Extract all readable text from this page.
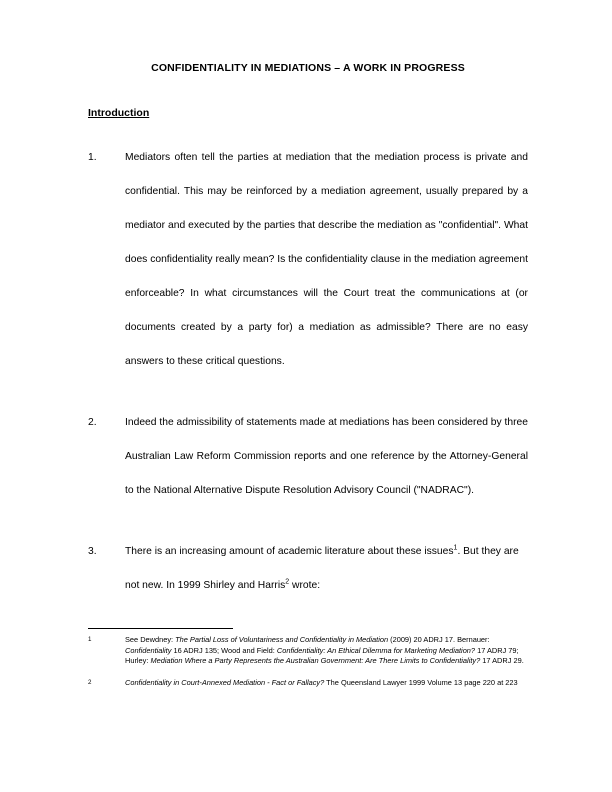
CONFIDENTIALITY IN MEDIATIONS – A WORK IN PROGRESS
Introduction
1.	Mediators often tell the parties at mediation that the mediation process is private and confidential. This may be reinforced by a mediation agreement, usually prepared by a mediator and executed by the parties that describe the mediation as "confidential". What does confidentiality really mean? Is the confidentiality clause in the mediation agreement enforceable? In what circumstances will the Court treat the communications at (or documents created by a party for) a mediation as admissible? There are no easy answers to these critical questions.
2.	Indeed the admissibility of statements made at mediations has been considered by three Australian Law Reform Commission reports and one reference by the Attorney-General to the National Alternative Dispute Resolution Advisory Council ("NADRAC").
3.	There is an increasing amount of academic literature about these issues$^1$. But they are not new. In 1999 Shirley and Harris$^2$ wrote:
1	See Dewdney: The Partial Loss of Voluntariness and Confidentiality in Mediation (2009) 20 ADRJ 17. Bernauer: Confidentiality 16 ADRJ 135; Wood and Field: Confidentiality: An Ethical Dilemma for Marketing Mediation? 17 ADRJ 79; Hurley: Mediation Where a Party Represents the Australian Government: Are There Limits to Confidentiality? 17 ADRJ 29.
2	Confidentiality in Court-Annexed Mediation - Fact or Fallacy? The Queensland Lawyer 1999 Volume 13 page 220 at 223
